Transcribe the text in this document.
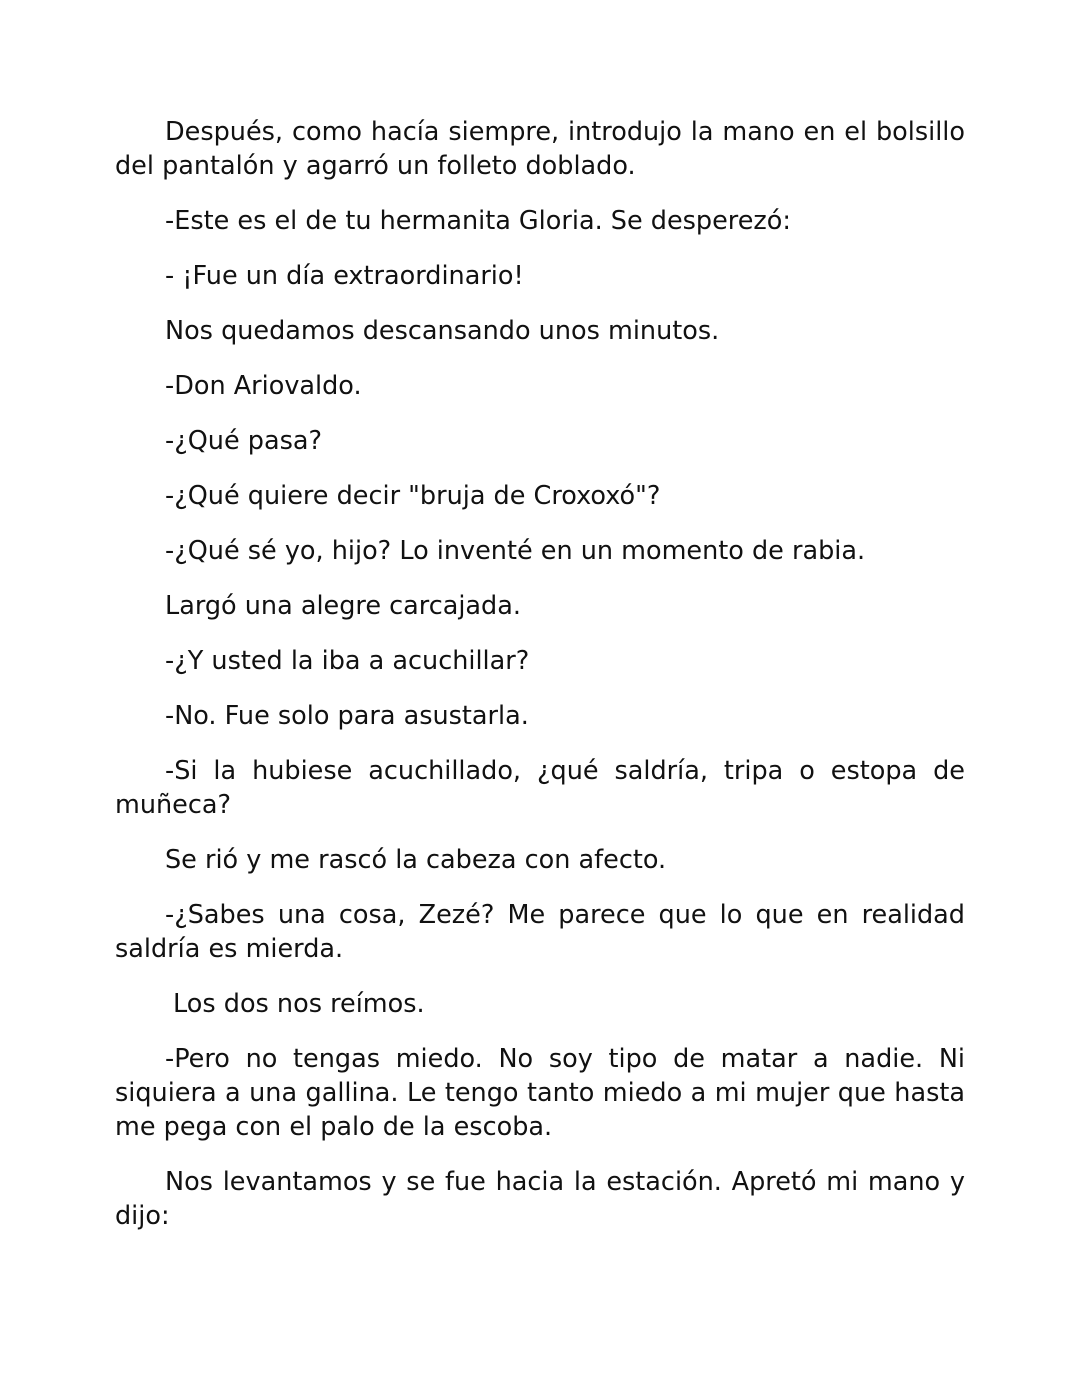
Después, como hacía siempre, introdujo la mano en el bolsillo del pantalón y agarró un folleto doblado.

-Este es el de tu hermanita Gloria. Se desperezó:

- ¡Fue un día extraordinario!

Nos quedamos descansando unos minutos.

-Don Ariovaldo.

-¿Qué pasa?

-¿Qué quiere decir "bruja de Croxoxó"?

-¿Qué sé yo, hijo? Lo inventé en un momento de rabia.

Largó una alegre carcajada.

-¿Y usted la iba a acuchillar?

-No. Fue solo para asustarla.

-Si la hubiese acuchillado, ¿qué saldría, tripa o estopa de muñeca?

Se rió y me rascó la cabeza con afecto.

-¿Sabes una cosa, Zezé? Me parece que lo que en realidad saldría es mierda.

Los dos nos reímos.

-Pero no tengas miedo. No soy tipo de matar a nadie. Ni siquiera a una gallina. Le tengo tanto miedo a mi mujer que hasta me pega con el palo de la escoba.

Nos levantamos y se fue hacia la estación. Apretó mi mano y dijo:
